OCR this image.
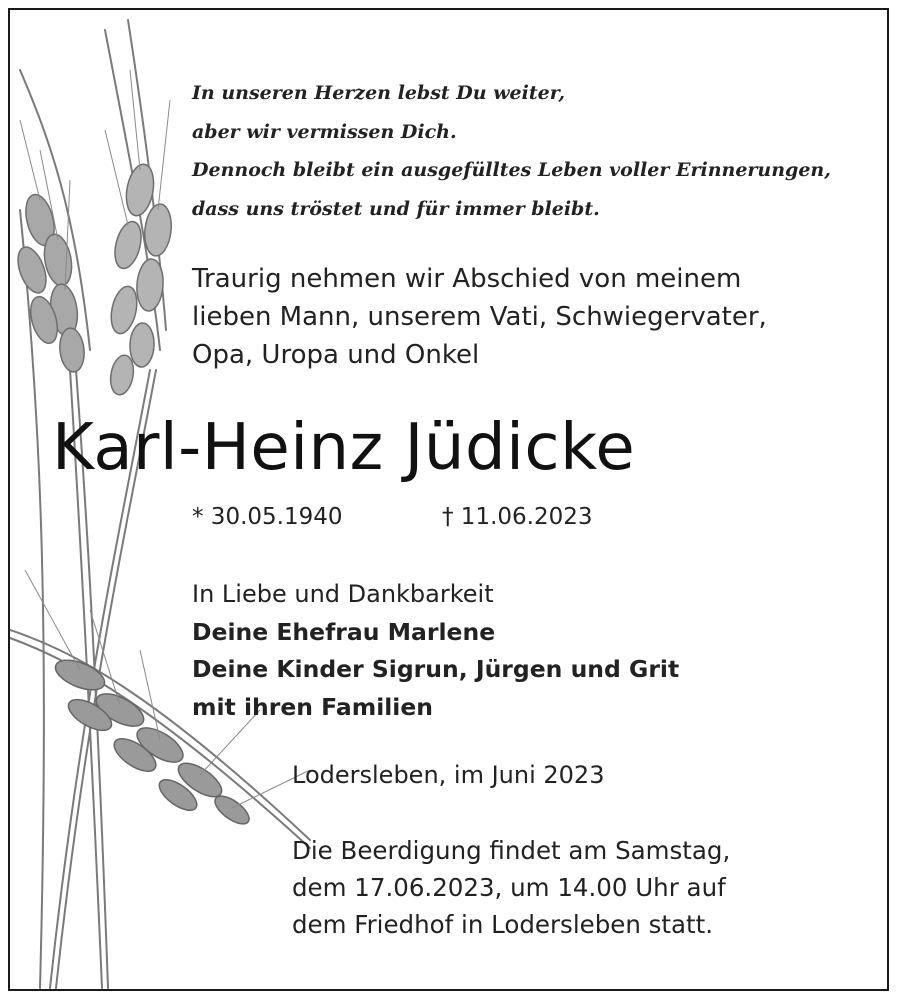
In unseren Herzen lebst Du weiter,
aber wir vermissen Dich.
Dennoch bleibt ein ausgefülltes Leben voller Erinnerungen,
dass uns tröstet und für immer bleibt.
Traurig nehmen wir Abschied von meinem
lieben Mann, unserem Vati, Schwiegervater,
Opa, Uropa und Onkel
Karl-Heinz Jüdicke
* 30.05.1940	† 11.06.2023
In Liebe und Dankbarkeit
Deine Ehefrau Marlene
Deine Kinder Sigrun, Jürgen und Grit
mit ihren Familien
Lodersleben, im Juni 2023
Die Beerdigung findet am Samstag,
dem 17.06.2023, um 14.00 Uhr auf
dem Friedhof in Lodersleben statt.
